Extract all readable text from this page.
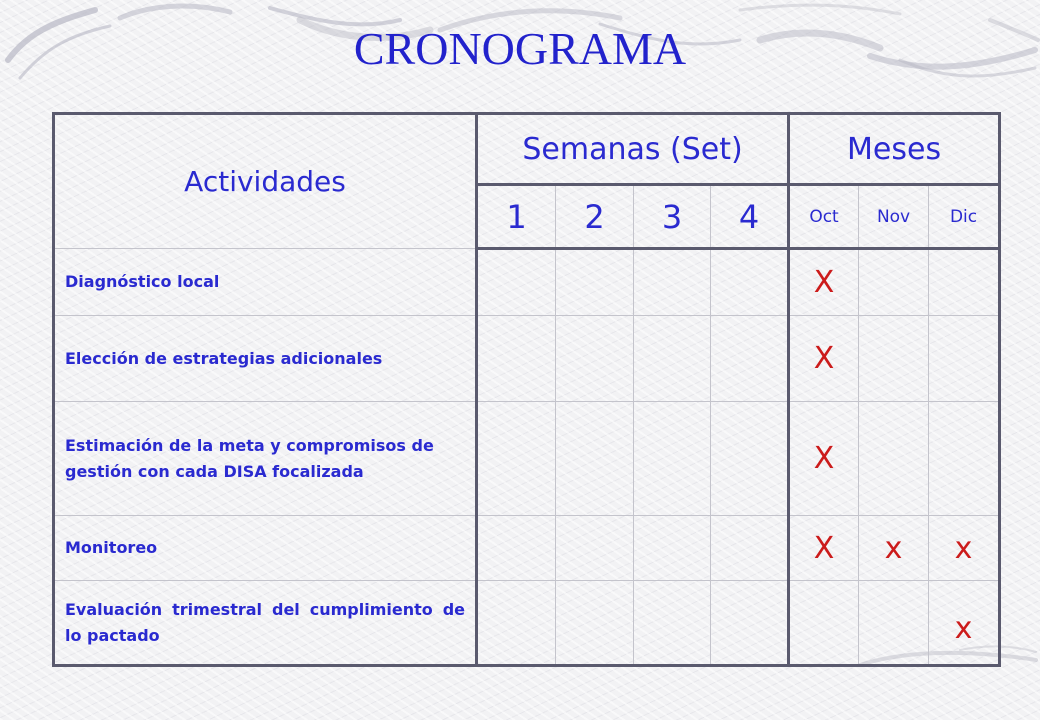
CRONOGRAMA
Actividades	Semanas (Set)				Meses		
	1	2	3	4	Oct	Nov	Dic
Diagnóstico local					X		
Elección de estrategias adicionales					X		
Estimación de la meta y compromisos de gestión con cada DISA focalizada					X		
Monitoreo					X	x	x
Evaluación trimestral del cumplimiento de lo pactado							x
